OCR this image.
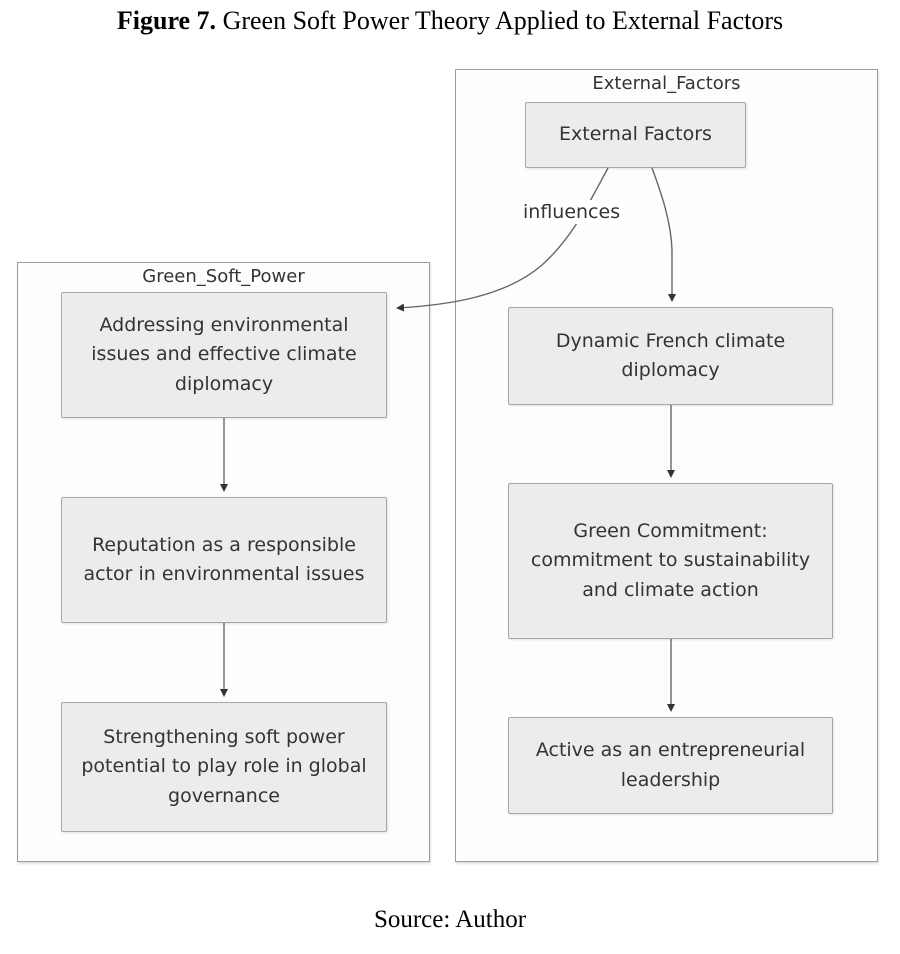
Figure 7. Green Soft Power Theory Applied to External Factors
External_Factors
Green_Soft_Power
External Factors
Dynamic French climate diplomacy
Green Commitment: commitment to sustainability and climate action
Active as an entrepreneurial leadership
Addressing environmental issues and effective climate diplomacy
Reputation as a responsible actor in environmental issues
Strengthening soft power potential to play role in global governance
influences
Source: Author
